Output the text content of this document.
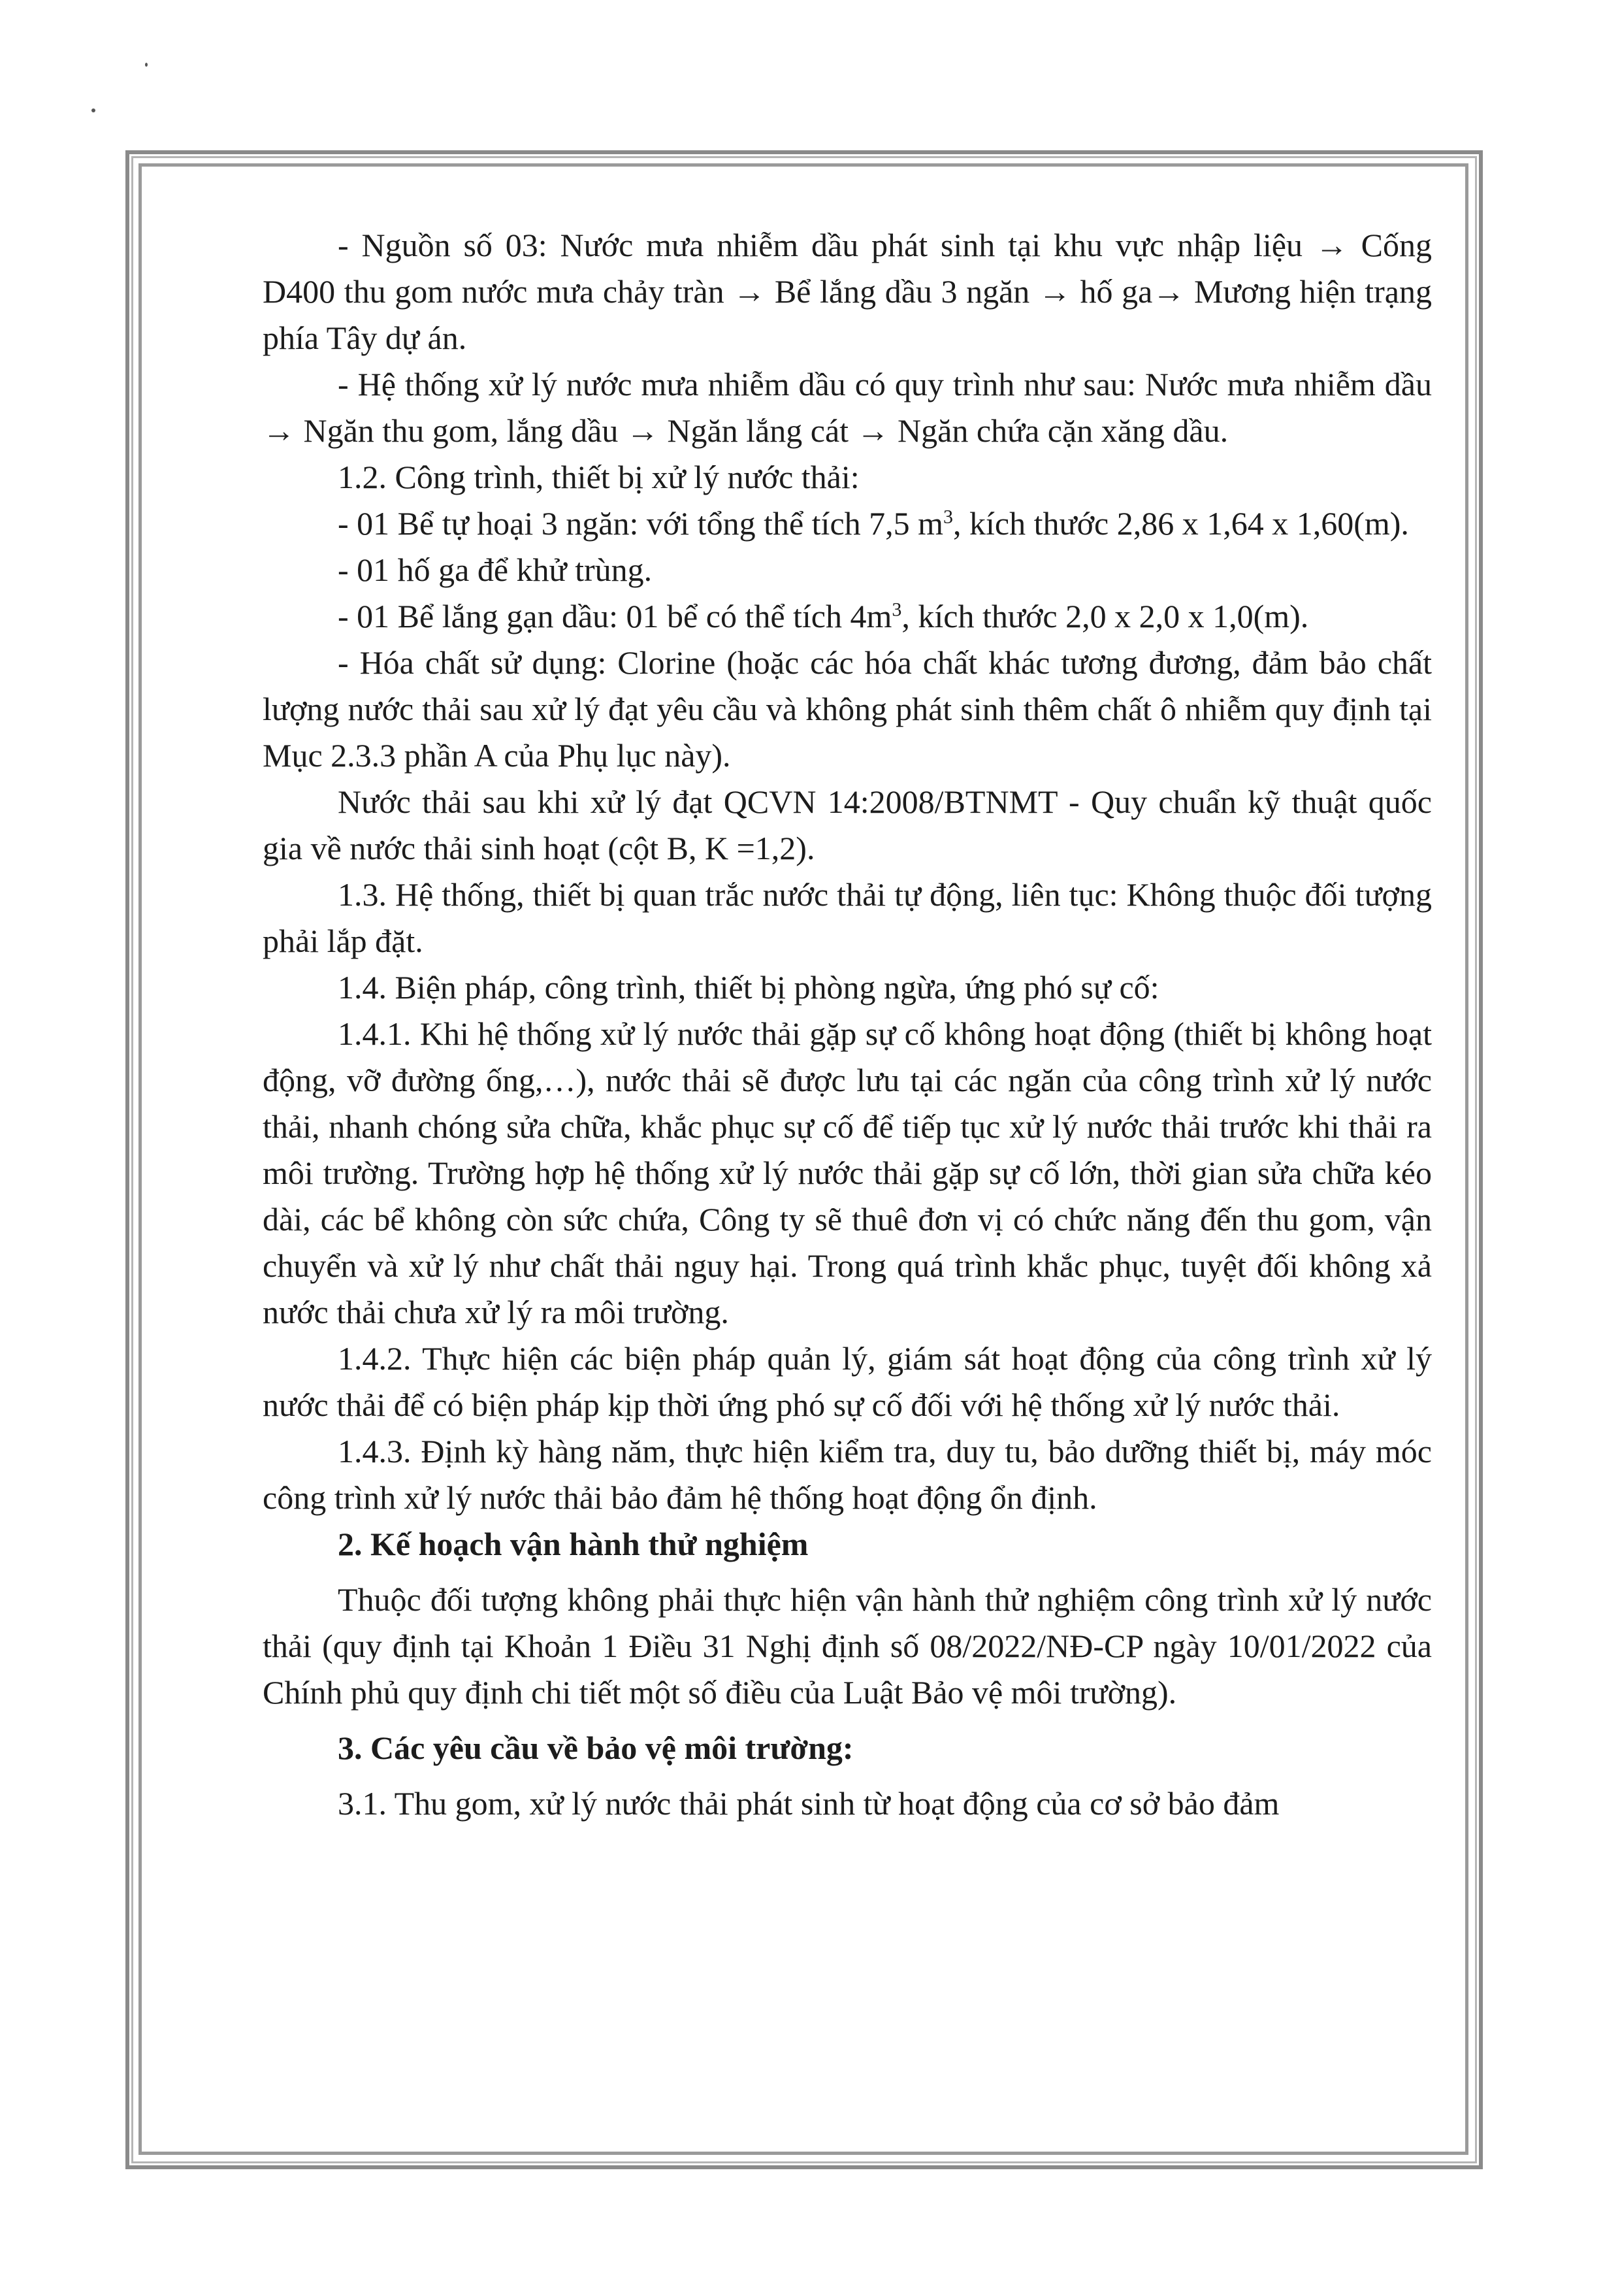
- Nguồn số 03: Nước mưa nhiễm dầu phát sinh tại khu vực nhập liệu → Cống D400 thu gom nước mưa chảy tràn → Bể lắng dầu 3 ngăn → hố ga→ Mương hiện trạng phía Tây dự án.

- Hệ thống xử lý nước mưa nhiễm dầu có quy trình như sau: Nước mưa nhiễm dầu → Ngăn thu gom, lắng dầu → Ngăn lắng cát → Ngăn chứa cặn xăng dầu.

1.2. Công trình, thiết bị xử lý nước thải:

- 01 Bể tự hoại 3 ngăn: với tổng thể tích 7,5 $m^3$, kích thước 2,86 x 1,64 x 1,60(m).

- 01 hố ga để khử trùng.

- 01 Bể lắng gạn dầu: 01 bể có thể tích $4m^3$, kích thước 2,0 x 2,0 x 1,0(m).

- Hóa chất sử dụng: Clorine (hoặc các hóa chất khác tương đương, đảm bảo chất lượng nước thải sau xử lý đạt yêu cầu và không phát sinh thêm chất ô nhiễm quy định tại Mục 2.3.3 phần A của Phụ lục này).

Nước thải sau khi xử lý đạt QCVN 14:2008/BTNMT - Quy chuẩn kỹ thuật quốc gia về nước thải sinh hoạt (cột B, K =1,2).

1.3. Hệ thống, thiết bị quan trắc nước thải tự động, liên tục: Không thuộc đối tượng phải lắp đặt.

1.4. Biện pháp, công trình, thiết bị phòng ngừa, ứng phó sự cố:

1.4.1. Khi hệ thống xử lý nước thải gặp sự cố không hoạt động (thiết bị không hoạt động, vỡ đường ống,…), nước thải sẽ được lưu tại các ngăn của công trình xử lý nước thải, nhanh chóng sửa chữa, khắc phục sự cố để tiếp tục xử lý nước thải trước khi thải ra môi trường. Trường hợp hệ thống xử lý nước thải gặp sự cố lớn, thời gian sửa chữa kéo dài, các bể không còn sức chứa, Công ty sẽ thuê đơn vị có chức năng đến thu gom, vận chuyển và xử lý như chất thải nguy hại. Trong quá trình khắc phục, tuyệt đối không xả nước thải chưa xử lý ra môi trường.

1.4.2. Thực hiện các biện pháp quản lý, giám sát hoạt động của công trình xử lý nước thải để có biện pháp kịp thời ứng phó sự cố đối với hệ thống xử lý nước thải.

1.4.3. Định kỳ hàng năm, thực hiện kiểm tra, duy tu, bảo dưỡng thiết bị, máy móc công trình xử lý nước thải bảo đảm hệ thống hoạt động ổn định.

2. Kế hoạch vận hành thử nghiệm

Thuộc đối tượng không phải thực hiện vận hành thử nghiệm công trình xử lý nước thải (quy định tại Khoản 1 Điều 31 Nghị định số 08/2022/NĐ-CP ngày 10/01/2022 của Chính phủ quy định chi tiết một số điều của Luật Bảo vệ môi trường).

3. Các yêu cầu về bảo vệ môi trường:

3.1. Thu gom, xử lý nước thải phát sinh từ hoạt động của cơ sở bảo đảm
